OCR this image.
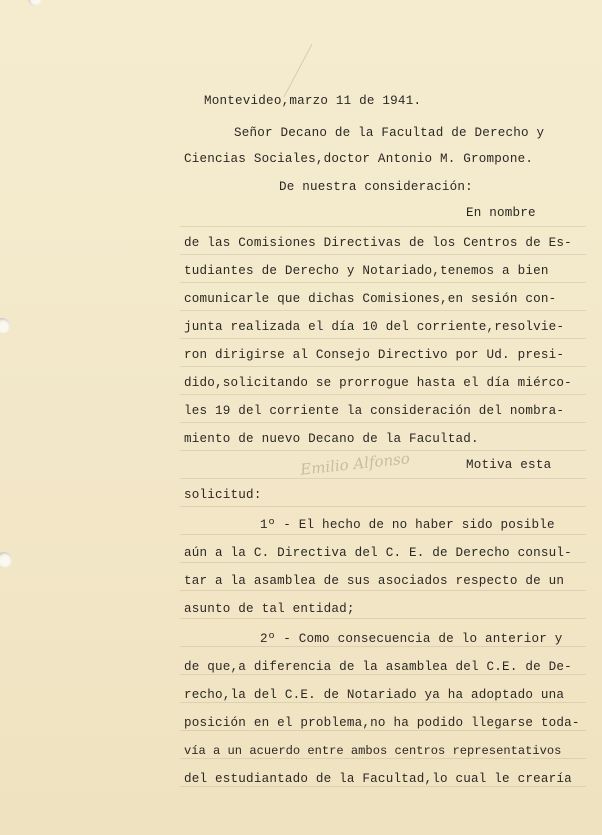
Emilio Alfonso
Montevideo,marzo 11 de 1941.
Señor Decano de la Facultad de Derecho y
Ciencias Sociales,doctor Antonio M. Grompone.
De nuestra consideración:
En nombre
de las Comisiones Directivas de los Centros de Es-
tudiantes de Derecho y Notariado,tenemos a bien
comunicarle que dichas Comisiones,en sesión con-
junta realizada el día 10 del corriente,resolvie-
ron dirigirse al Consejo Directivo por Ud. presi-
dido,solicitando se prorrogue hasta el día miérco-
les 19 del corriente la consideración del nombra-
miento de nuevo Decano de la Facultad.
Motiva esta
solicitud:
1º - El hecho de no haber sido posible
aún a la C. Directiva del C. E. de Derecho consul-
tar a la asamblea de sus asociados respecto de un
asunto de tal entidad;
2º - Como consecuencia de lo anterior y
de que,a diferencia de la asamblea del C.E. de De-
recho,la del C.E. de Notariado ya ha adoptado una
posición en el problema,no ha podido llegarse toda-
vía a un acuerdo entre ambos centros representativos
del estudiantado de la Facultad,lo cual le crearía
